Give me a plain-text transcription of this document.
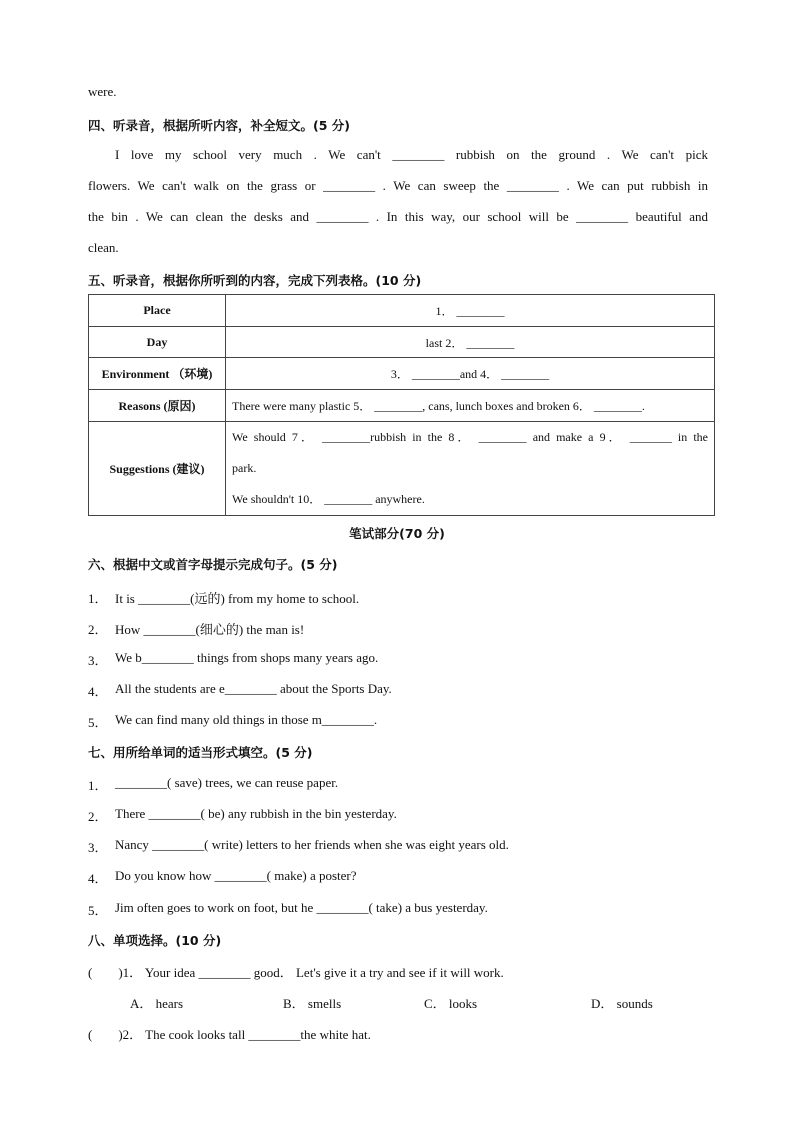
were.
四、听录音，根据所听内容，补全短文。(5 分)
I love my school very much . We can't ________ rubbish on the ground . We can't pick
flowers. We can't walk on the grass or ________ . We can sweep the ________ . We can put rubbish in
the bin . We can clean the desks and ________ . In this way, our school will be ________ beautiful and
clean.
五、听录音，根据你所听到的内容，完成下列表格。(10 分)
Place	1． ________
Day	last 2． ________
Environment （环境)	3． ________and 4． ________
Reasons (原因)	There were many plastic 5． ________, cans, lunch boxes and broken 6． ________.
Suggestions (建议)	We should 7． ________rubbish in the 8． ________ and make a 9． _______ in the
park.
We shouldn't 10． ________ anywhere.
笔试部分(70 分)
六、根据中文或首字母提示完成句子。(5 分)
1． It is ________(远的) from my home to school.
2． How ________(细心的) the man is!
3． We b________ things from shops many years ago.
4． All the students are e________ about the Sports Day.
5． We can find many old things in those m________.
七、用所给单词的适当形式填空。(5 分)
1． ________( save) trees, we can reuse paper.
2． There ________( be) any rubbish in the bin yesterday.
3． Nancy ________( write) letters to her friends when she was eight years old.
4． Do you know how ________( make) a poster?
5． Jim often goes to work on foot, but he ________( take) a bus yesterday.
八、单项选择。(10 分)
(　　)1． Your idea ________ good． Let's give it a try and see if it will work.
A． hears	B． smells	C． looks	D． sounds
(　　)2． The cook looks tall ________the white hat.
